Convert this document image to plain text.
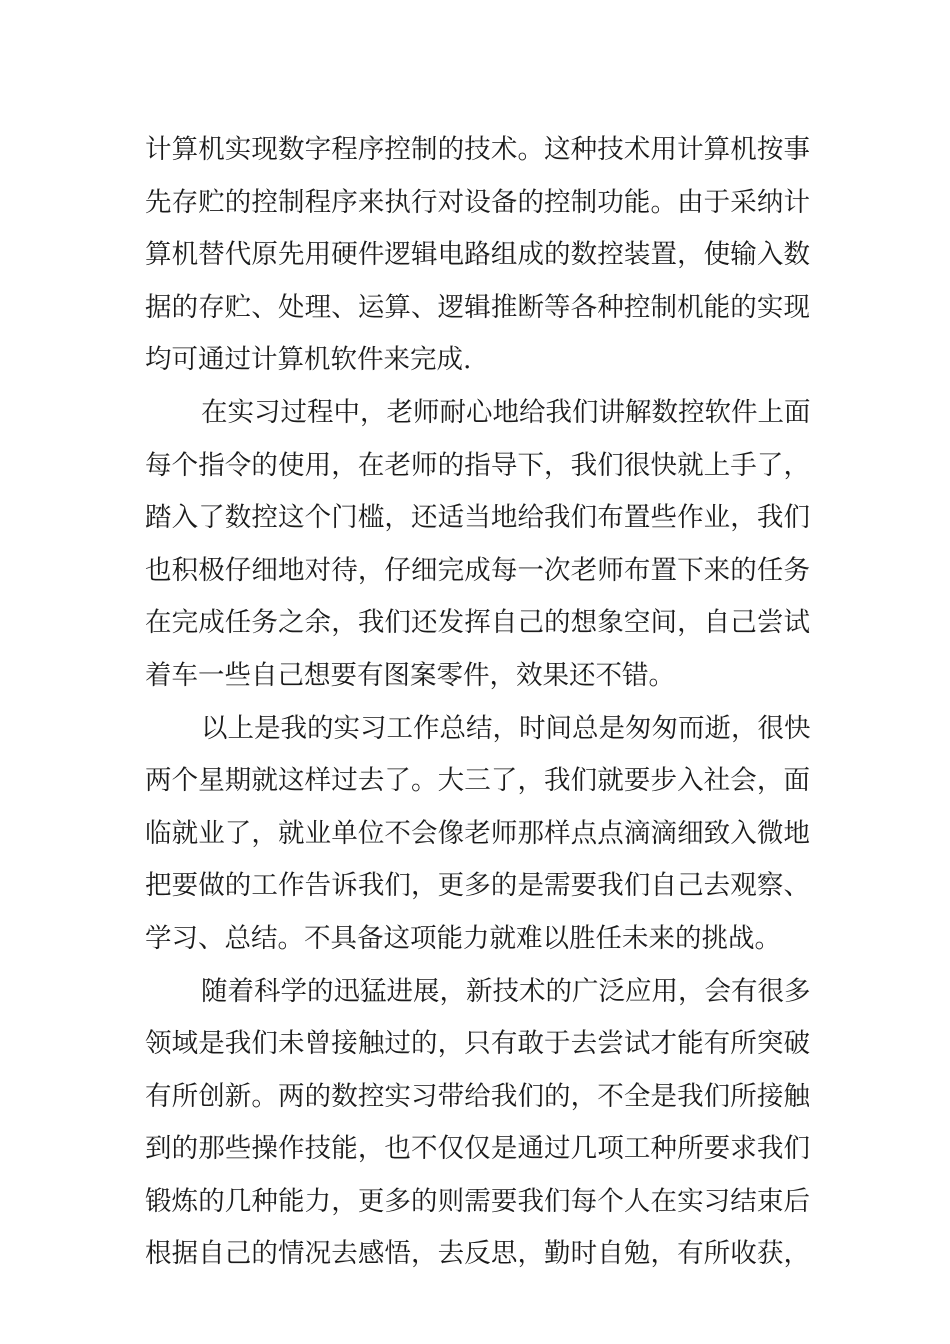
计算机实现数字程序控制的技术。这种技术用计算机按事
先存贮的控制程序来执行对设备的控制功能。由于采纳计
算机替代原先用硬件逻辑电路组成的数控装置，使输入数
据的存贮、处理、运算、逻辑推断等各种控制机能的实现
均可通过计算机软件来完成.
在实习过程中，老师耐心地给我们讲解数控软件上面
每个指令的使用，在老师的指导下，我们很快就上手了，
踏入了数控这个门槛，还适当地给我们布置些作业，我们
也积极仔细地对待，仔细完成每一次老师布置下来的任务
在完成任务之余，我们还发挥自己的想象空间，自己尝试
着车一些自己想要有图案零件，效果还不错。
以上是我的实习工作总结，时间总是匆匆而逝，很快
两个星期就这样过去了。大三了，我们就要步入社会，面
临就业了，就业单位不会像老师那样点点滴滴细致入微地
把要做的工作告诉我们，更多的是需要我们自己去观察、
学习、总结。不具备这项能力就难以胜任未来的挑战。
随着科学的迅猛进展，新技术的广泛应用，会有很多
领域是我们未曾接触过的，只有敢于去尝试才能有所突破
有所创新。两的数控实习带给我们的，不全是我们所接触
到的那些操作技能，也不仅仅是通过几项工种所要求我们
锻炼的几种能力，更多的则需要我们每个人在实习结束后
根据自己的情况去感悟，去反思，勤时自勉，有所收获，
